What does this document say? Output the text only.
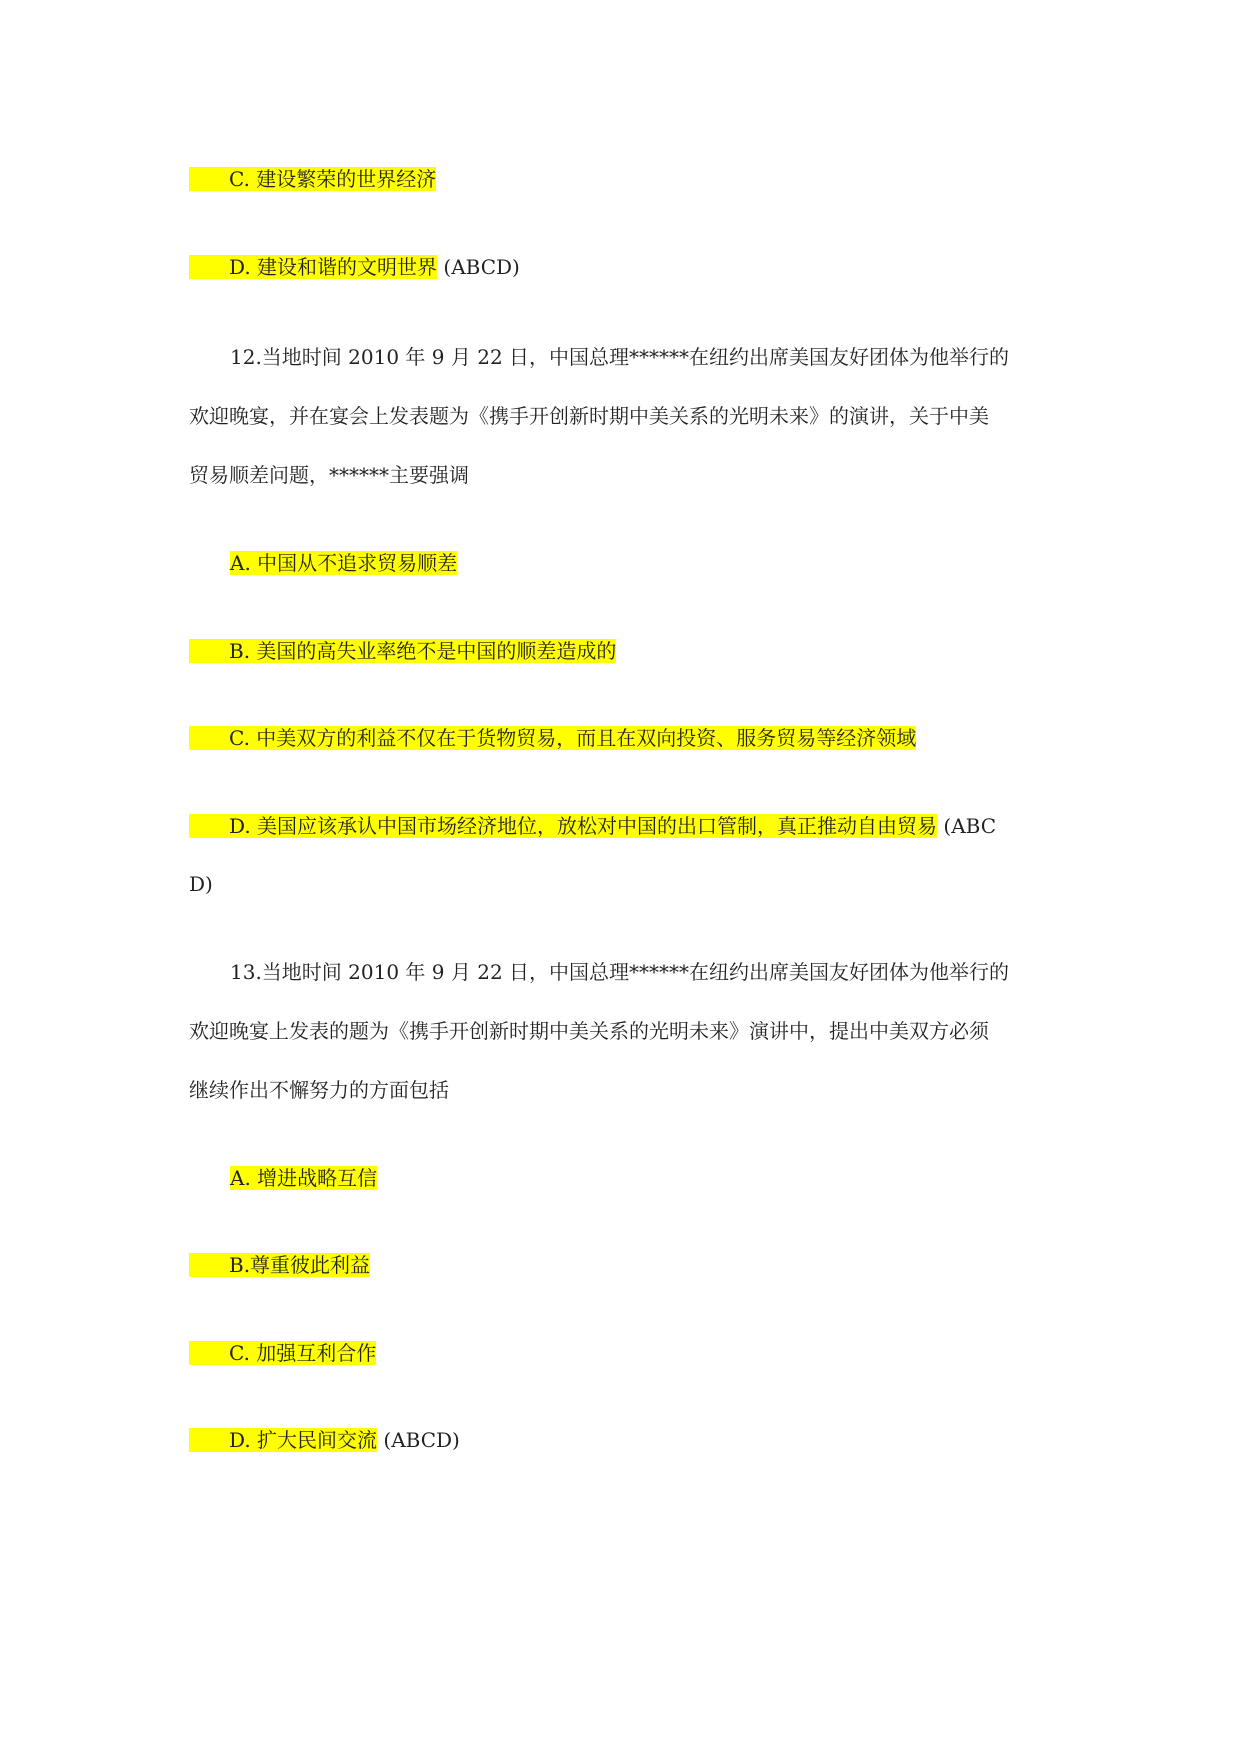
C. 建设繁荣的世界经济
D. 建设和谐的文明世界 (ABCD)
12.当地时间 2010 年 9 月 22 日，中国总理******在纽约出席美国友好团体为他举行的
欢迎晚宴，并在宴会上发表题为《携手开创新时期中美关系的光明未来》的演讲，关于中美
贸易顺差问题，******主要强调
A. 中国从不追求贸易顺差
B. 美国的高失业率绝不是中国的顺差造成的
C. 中美双方的利益不仅在于货物贸易，而且在双向投资、服务贸易等经济领域
D. 美国应该承认中国市场经济地位，放松对中国的出口管制，真正推动自由贸易 (ABC
D)
13.当地时间 2010 年 9 月 22 日，中国总理******在纽约出席美国友好团体为他举行的
欢迎晚宴上发表的题为《携手开创新时期中美关系的光明未来》演讲中，提出中美双方必须
继续作出不懈努力的方面包括
A. 增进战略互信
B.尊重彼此利益
C. 加强互利合作
D. 扩大民间交流 (ABCD)
